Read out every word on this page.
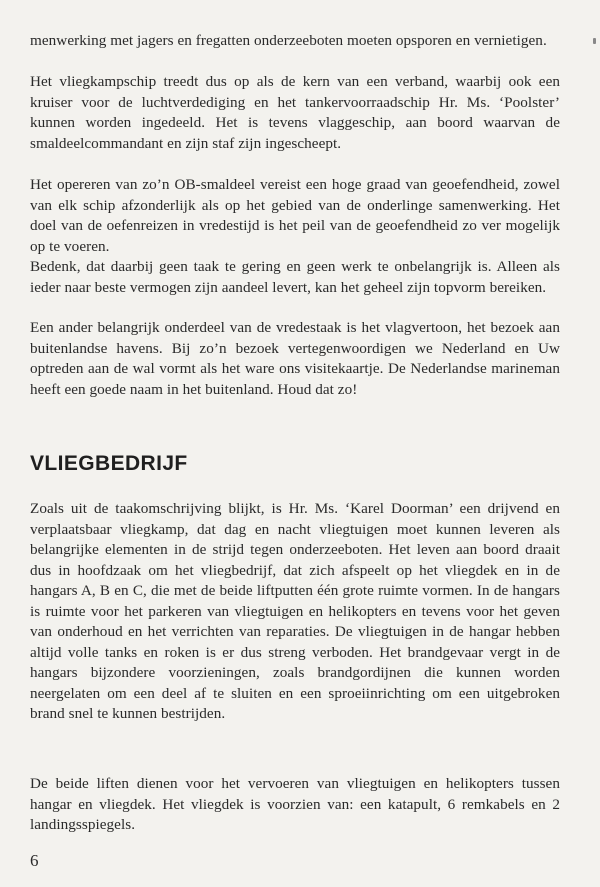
menwerking met jagers en fregatten onderzeeboten moeten opsporen en vernietigen.

Het vliegkampschip treedt dus op als de kern van een verband, waarbij ook een kruiser voor de luchtverdediging en het tankervoorraadschip Hr. Ms. ‘Poolster’ kunnen worden ingedeeld. Het is tevens vlaggeschip, aan boord waarvan de smaldeelcommandant en zijn staf zijn ingescheept.

Het opereren van zo’n OB-smaldeel vereist een hoge graad van geoefendheid, zowel van elk schip afzonderlijk als op het gebied van de onderlinge samenwerking. Het doel van de oefenreizen in vredestijd is het peil van de geoefendheid zo ver mogelijk op te voeren.

Bedenk, dat daarbij geen taak te gering en geen werk te onbelangrijk is. Alleen als ieder naar beste vermogen zijn aandeel levert, kan het geheel zijn topvorm bereiken.

Een ander belangrijk onderdeel van de vredestaak is het vlagvertoon, het bezoek aan buitenlandse havens. Bij zo’n bezoek vertegenwoordigen we Nederland en Uw optreden aan de wal vormt als het ware ons visitekaartje. De Nederlandse marineman heeft een goede naam in het buitenland. Houd dat zo!

VLIEGBEDRIJF

Zoals uit de taakomschrijving blijkt, is Hr. Ms. ‘Karel Doorman’ een drijvend en verplaatsbaar vliegkamp, dat dag en nacht vliegtuigen moet kunnen leveren als belangrijke elementen in de strijd tegen onderzeeboten. Het leven aan boord draait dus in hoofdzaak om het vliegbedrijf, dat zich afspeelt op het vliegdek en in de hangars A, B en C, die met de beide liftputten één grote ruimte vormen. In de hangars is ruimte voor het parkeren van vliegtuigen en helikopters en tevens voor het geven van onderhoud en het verrichten van reparaties. De vliegtuigen in de hangar hebben altijd volle tanks en roken is er dus streng verboden. Het brandgevaar vergt in de hangars bijzondere voorzieningen, zoals brandgordijnen die kunnen worden neergelaten om een deel af te sluiten en een sproeiinrichting om een uitgebroken brand snel te kunnen bestrijden.

De beide liften dienen voor het vervoeren van vliegtuigen en helikopters tussen hangar en vliegdek. Het vliegdek is voorzien van: een katapult, 6 remkabels en 2 landingsspiegels.

6
